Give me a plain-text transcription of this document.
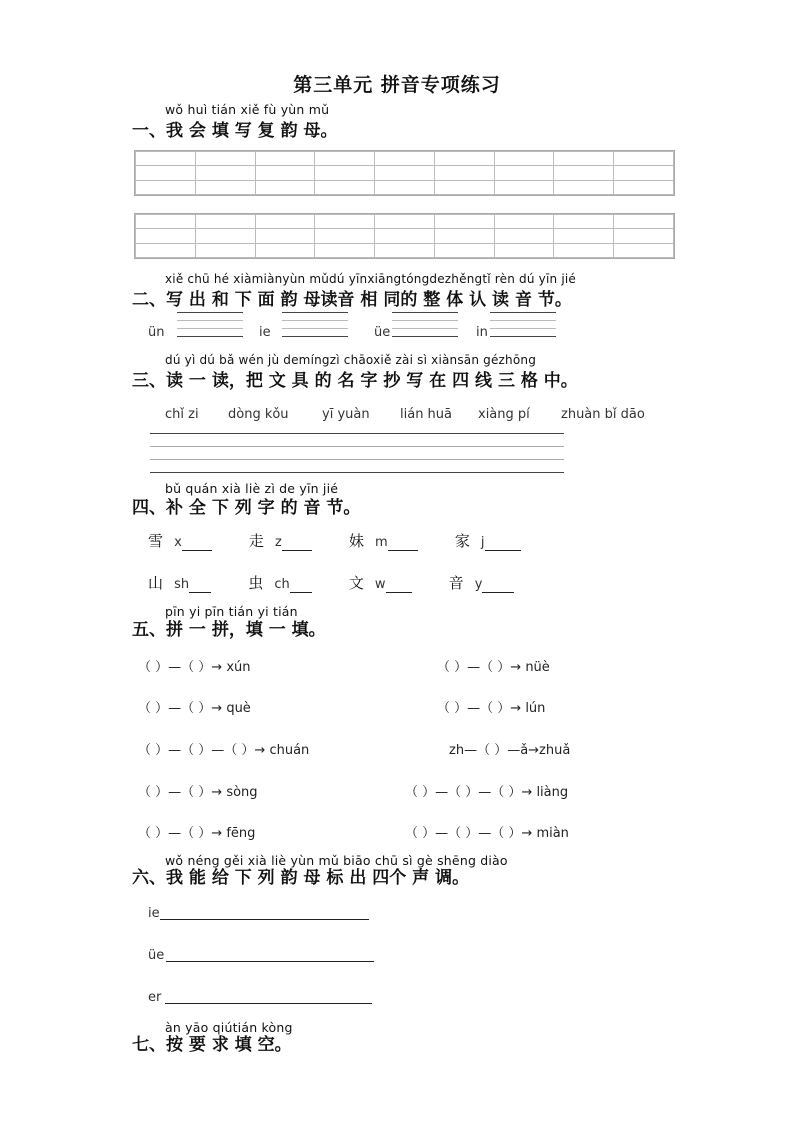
第三单元 拼音专项练习
wǒ huì tián xiě fù yùn mǔ
一、我 会 填 写 复 韵 母。

xiě chū hé xiàmiànyùn mǔdú yīnxiāngtóngdezhěngtǐ rèn dú yīn jié
二、写 出 和 下 面 韵 母读音 相 同的 整 体 认 读 音 节。
ün	ie	üe	in
dú yì dú bǎ wén jù demíngzì chāoxiě zài sì xiànsān gézhōng
三、读 一 读，把 文 具 的 名 字 抄 写 在 四 线 三 格 中。
chǐ zi dòng kǒu	yī yuàn lián huā xiàng pí zhuàn bǐ dāo
bǔ quán xià liè zì de yīn jié
四、补 全 下 列 字 的 音 节。
雪 x	走 z	妹 m	家 j
山 sh	虫 ch	文 w	音 y
pīn yi pīn tián yi tián
五、拼 一 拼，填 一 填。
（ ）—（ ）→ xún	（ ）—（ ）→ nüè
（ ）—（ ）→ què	（ ）—（ ）→ lún
（ ）—（ ）—（ ）→ chuán	zh—（ ）—ǎ→zhuǎ
（ ）—（ ）→ sòng	（ ）—（ ）—（ ）→ liàng
（ ）—（ ）→ fēng	（ ）—（ ）—（ ）→ miàn
wǒ néng gěi xià liè yùn mǔ biāo chū sì gè shēng diào
六、我 能 给 下 列 韵 母 标 出 四个 声 调。
ie
üe
er
àn yāo qiútián kòng
七、按 要 求 填 空。
